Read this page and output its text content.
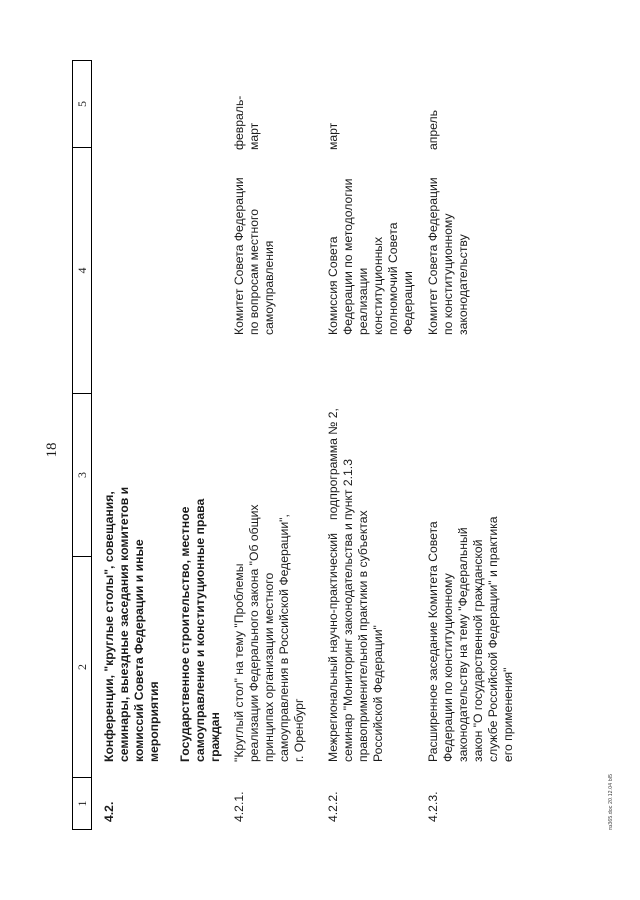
18
1
2
3
4
5
4.2.
Конференции, "круглые столы", совещания,
семинары, выездные заседания комитетов и
комиссий Совета Федерации и иные
мероприятия Государственное строительство, местное
самоуправление и конституционные права
граждан
4.2.1.
"Круглый стол" на тему "Проблемы
реализации Федерального закона "Об общих
принципах организации местного
самоуправления в Российской Федерации",
г. Оренбург
Комитет Совета Федерации
по вопросам местного
самоуправления
февраль-
март
4.2.2.
Межрегиональный научно-практический
семинар "Мониторинг законодательства и
правоприменительной практики в субъектах
Российской Федерации"
подпрограмма № 2,
пункт 2.1.3
Комиссия Совета
Федерации по методологии
реализации
конституционных
полномочий Совета
Федерации
март
4.2.3.
Расширенное заседание Комитета Совета
Федерации по конституционному
законодательству на тему "Федеральный
закон "О государственной гражданской
службе Российской Федерации" и практика
его применения"
Комитет Совета Федерации
по конституционному
законодательству
апрель
пз365.doc 20.12.04 bl5
